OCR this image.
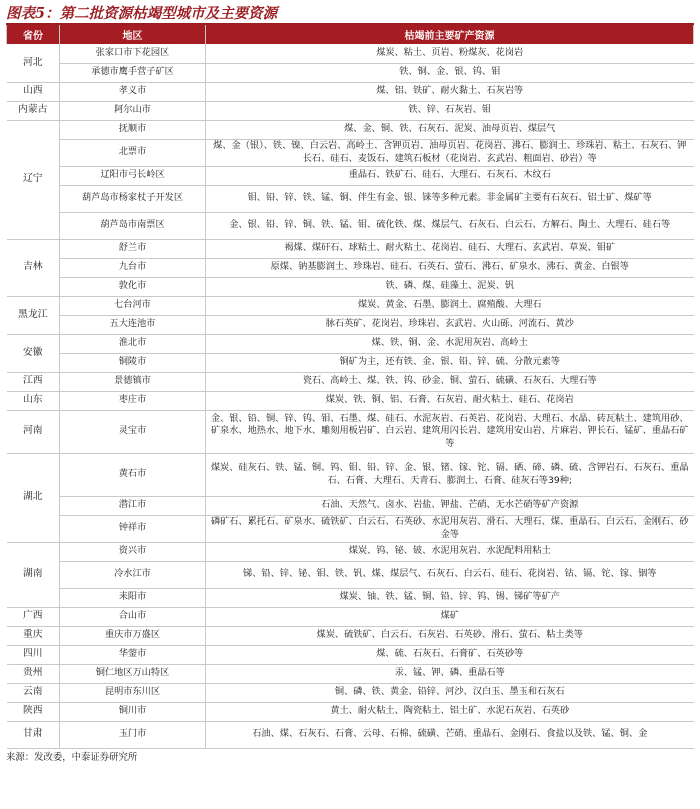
图表5：第二批资源枯竭型城市及主要资源
省份	地区	枯竭前主要矿产资源
河北	张家口市下花园区	煤炭、粘土、页岩、粉煤灰、花岗岩
	承德市鹰手营子矿区	铁、铜、金、银、钨、钼
山西	孝义市	煤、铝、铁矿、耐火黏土、石灰岩等
内蒙古	阿尔山市	铁、锌、石灰岩、钼
辽宁	抚顺市	煤、金、铜、铁、石灰石、泥炭、油母页岩、煤层气
	北票市	煤、金（银）、铁、镍、白云岩、高岭土、含钾页岩、油母页岩、花岗岩、沸石、膨润土、珍珠岩、粘土、石灰石、钾长石、硅石、麦饭石、建筑石板材（花岗岩、玄武岩、粗面岩、砂岩）等
	辽阳市弓长岭区	重晶石、铁矿石、硅石、大理石、石灰石、木纹石
	葫芦岛市杨家杖子开发区	钼、铅、锌、铁、锰、铜、伴生有金、银、铼等多种元素。非金属矿主要有石灰石、铝土矿、煤矿等
	葫芦岛市南票区	金、银、铅、锌、铜、铁、锰、钼、硫化铁、煤、煤层气、石灰石、白云石、方解石、陶土、大理石、硅石等
吉林	舒兰市	褐煤、煤矸石、球粘土、耐火粘土、花岗岩、硅石、大理石、玄武岩、草炭、钼矿
	九台市	原煤、钠基膨润土、珍珠岩、硅石、石英石、萤石、沸石、矿泉水、沸石、黄金、白银等
	敦化市	铁、磷、煤、硅藻土、泥炭、钒
黑龙江	七台河市	煤炭、黄金、石墨、膨润土、腐殖酸、大理石
	五大连池市	脉石英矿、花岗岩、珍珠岩、玄武岩、火山砾、河流石、黄沙
安徽	淮北市	煤、铁、铜、金、水泥用灰岩、高岭土
	铜陵市	铜矿为主，还有铁、金、银、铅、锌、硫、分散元素等
江西	景德镇市	瓷石、高岭土、煤、铁、钨、砂金、铜、萤石、硫磺、石灰石、大理石等
山东	枣庄市	煤炭、铁、铜、铝、石膏、石灰岩、耐火粘土、硅石、花岗岩
河南	灵宝市	金、银、铅、铜、锌、钨、钼、石墨、煤、硅石、水泥灰岩、石英岩、花岗岩、大理石、水晶、砖瓦粘土、建筑用砂、矿泉水、地热水、地下水、雕刻用板岩矿、白云岩、建筑用闪长岩、建筑用安山岩、片麻岩、钾长石、锰矿、重晶石矿等
湖北	黄石市	煤炭、硅灰石、铁、锰、铜、钨、钼、铅、锌、金、银、锗、镓、铊、镉、硒、碲、磷、硫、含钾岩石、石灰石、重晶石、石膏、大理石、天青石、膨润土、石膏、硅灰石等39种;
	潜江市	石油、天然气、卤水、岩盐、钾盐、芒硝、无水芒硝等矿产资源
	钟祥市	磷矿石、累托石、矿泉水、硫铁矿、白云石、石英砂、水泥用灰岩、滑石、大理石、煤、重晶石、白云石、金刚石、砂金等
湖南	资兴市	煤炭、钨、铋、铍、水泥用灰岩、水泥配料用粘土
	冷水江市	锑、铅、锌、铋、钼、铁、钒、煤、煤层气、石灰石、白云石、硅石、花岗岩、钴、镉、铊、镓、铟等
	耒阳市	煤炭、铀、铁、锰、铜、铅、锌、钨、锡、锑矿等矿产
广西	合山市	煤矿
重庆	重庆市万盛区	煤炭、硫铁矿、白云石、石灰岩、石英砂、滑石、萤石、粘土类等
四川	华蓥市	煤、硫、石灰石、石膏矿、石英砂等
贵州	铜仁地区万山特区	汞、锰、钾、磷、重晶石等
云南	昆明市东川区	铜、磷、铁、黄金、铅锌、河沙、汉白玉、墨玉和石灰石
陕西	铜川市	黄土、耐火粘土、陶瓷粘土、铝土矿、水泥石灰岩、石英砂
甘肃	玉门市	石油、煤、石灰石、石膏、云母、石棉、硫磺、芒硝、重晶石、金刚石、食盐以及铁、锰、铜、金
来源：发改委，中泰证券研究所
